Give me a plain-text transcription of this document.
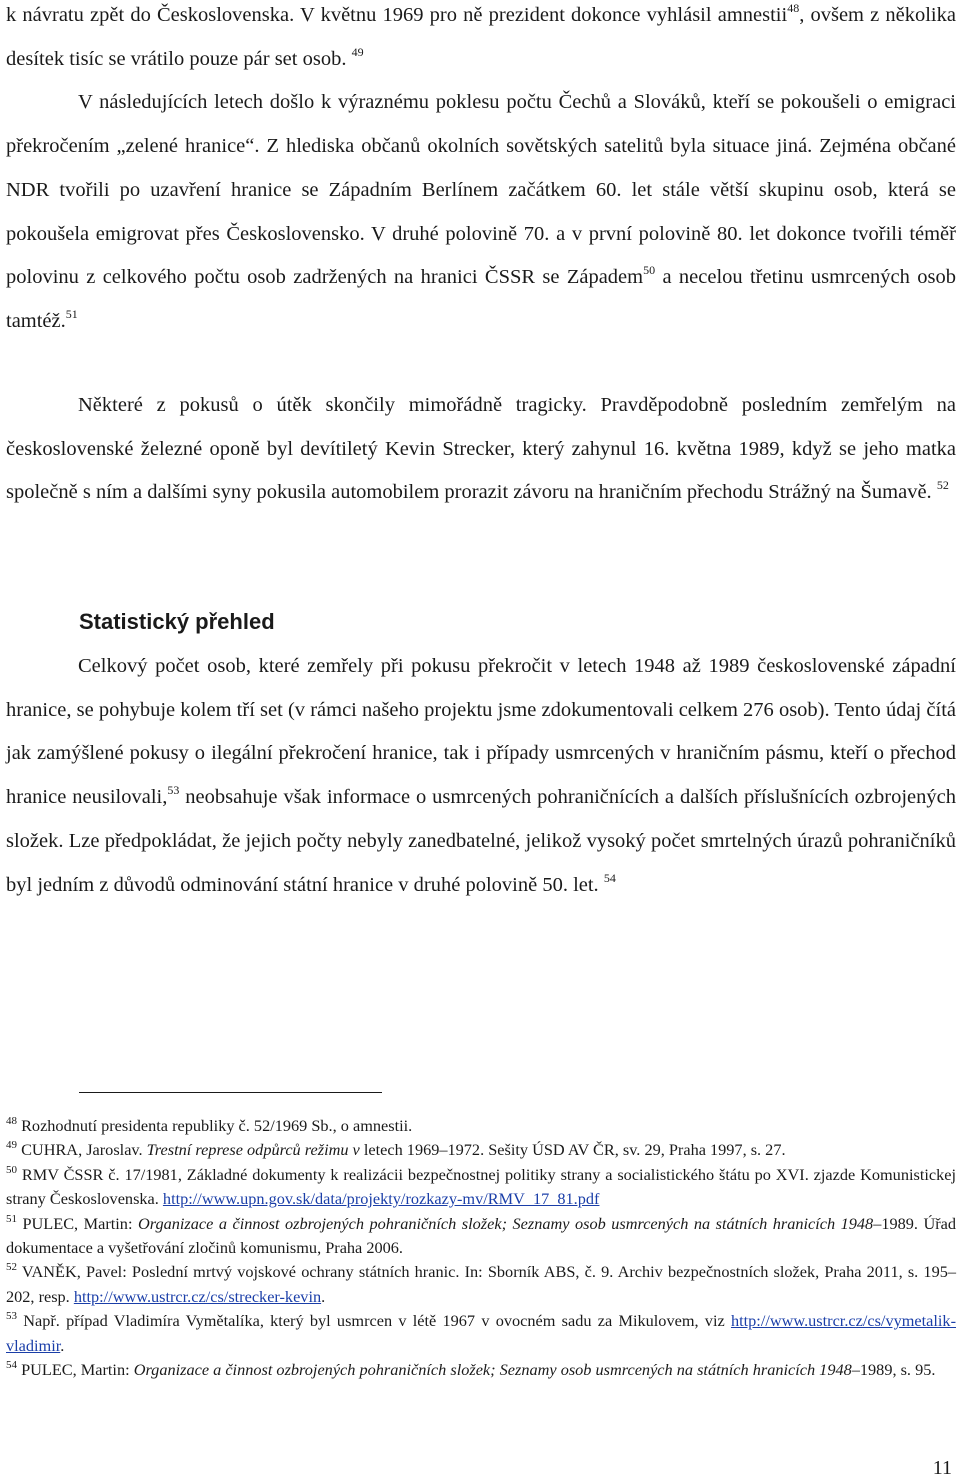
k návratu zpět do Československa. V květnu 1969 pro ně prezident dokonce vyhlásil amnestii$^{48}$, ovšem z několika desítek tisíc se vrátilo pouze pár set osob. $^{49}$
V následujících letech došlo k výraznému poklesu počtu Čechů a Slováků, kteří se pokoušeli o emigraci překročením „zelené hranice“. Z hlediska občanů okolních sovětských satelitů byla situace jiná. Zejména občané NDR tvořili po uzavření hranice se Západním Berlínem začátkem 60. let stále větší skupinu osob, která se pokoušela emigrovat přes Československo. V druhé polovině 70. a v první polovině 80. let dokonce tvořili téměř polovinu z celkového počtu osob zadržených na hranici ČSSR se Západem$^{50}$ a necelou třetinu usmrcených osob tamtéž.$^{51}$

Některé z pokusů o útěk skončily mimořádně tragicky. Pravděpodobně posledním zemřelým na československé železné oponě byl devítiletý Kevin Strecker, který zahynul 16. května 1989, když se jeho matka společně s ním a dalšími syny pokusila automobilem prorazit závoru na hraničním přechodu Strážný na Šumavě. $^{52}$

Statistický přehled

Celkový počet osob, které zemřely při pokusu překročit v letech 1948 až 1989 československé západní hranice, se pohybuje kolem tří set (v rámci našeho projektu jsme zdokumentovali celkem 276 osob). Tento údaj čítá jak zamýšlené pokusy o ilegální překročení hranice, tak i případy usmrcených v hraničním pásmu, kteří o přechod hranice neusilovali,$^{53}$ neobsahuje však informace o usmrcených pohraničnících a dalších příslušnících ozbrojených složek. Lze předpokládat, že jejich počty nebyly zanedbatelné, jelikož vysoký počet smrtelných úrazů pohraničníků byl jedním z důvodů odminování státní hranice v druhé polovině 50. let. $^{54}$

$^{48}$ Rozhodnutí presidenta republiky č. 52/1969 Sb., o amnestii.

$^{49}$ CUHRA, Jaroslav. Trestní represe odpůrců režimu v letech 1969–1972. Sešity ÚSD AV ČR, sv. 29, Praha 1997, s. 27.

$^{50}$ RMV ČSSR č. 17/1981, Základné dokumenty k realizácii bezpečnostnej politiky strany a socialistického štátu po XVI. zjazde Komunistickej strany Československa. http://www.upn.gov.sk/data/projekty/rozkazy-mv/RMV_17_81.pdf

$^{51}$ PULEC, Martin: Organizace a činnost ozbrojených pohraničních složek; Seznamy osob usmrcených na státních hranicích 1948–1989. Úřad dokumentace a vyšetřování zločinů komunismu, Praha 2006.

$^{52}$ VANĚK, Pavel: Poslední mrtvý vojskové ochrany státních hranic. In: Sborník ABS, č. 9. Archiv bezpečnostních složek, Praha 2011, s. 195–202, resp. http://www.ustrcr.cz/cs/strecker-kevin.

$^{53}$ Např. případ Vladimíra Vymětalíka, který byl usmrcen v létě 1967 v ovocném sadu za Mikulovem, viz http://www.ustrcr.cz/cs/vymetalik-vladimir.

$^{54}$ PULEC, Martin: Organizace a činnost ozbrojených pohraničních složek; Seznamy osob usmrcených na státních hranicích 1948–1989, s. 95.

11
